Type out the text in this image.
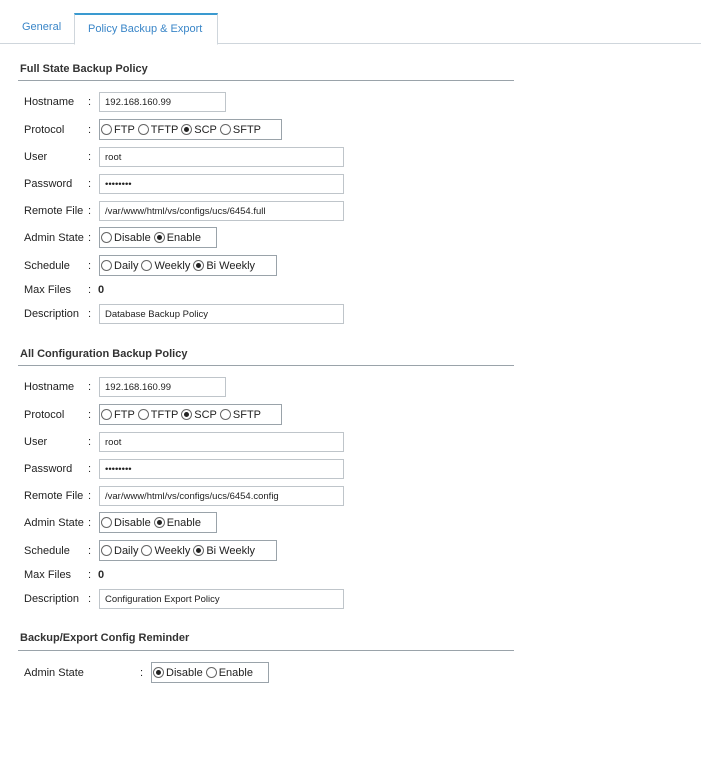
General	Policy Backup & Export
Full State Backup Policy
Hostname :
192.168.160.99
Protocol : FTP TFTP SCP SFTP
User	:
root
Password :
••••••••
Remote File :
/var/www/html/vs/configs/ucs/6454.full
Admin State : Disable Enable
Schedule : Daily Weekly Bi Weekly
Max Files : 0
Description :
Database Backup Policy
All Configuration Backup Policy
Hostname :
192.168.160.99
Protocol : FTP TFTP SCP SFTP
User	:
root
Password :
••••••••
Remote File :
/var/www/html/vs/configs/ucs/6454.config
Admin State : Disable Enable
Schedule : Daily Weekly Bi Weekly
Max Files : 0
Description :
Configuration Export Policy
Backup/Export Config Reminder
Admin State	: Disable Enable
